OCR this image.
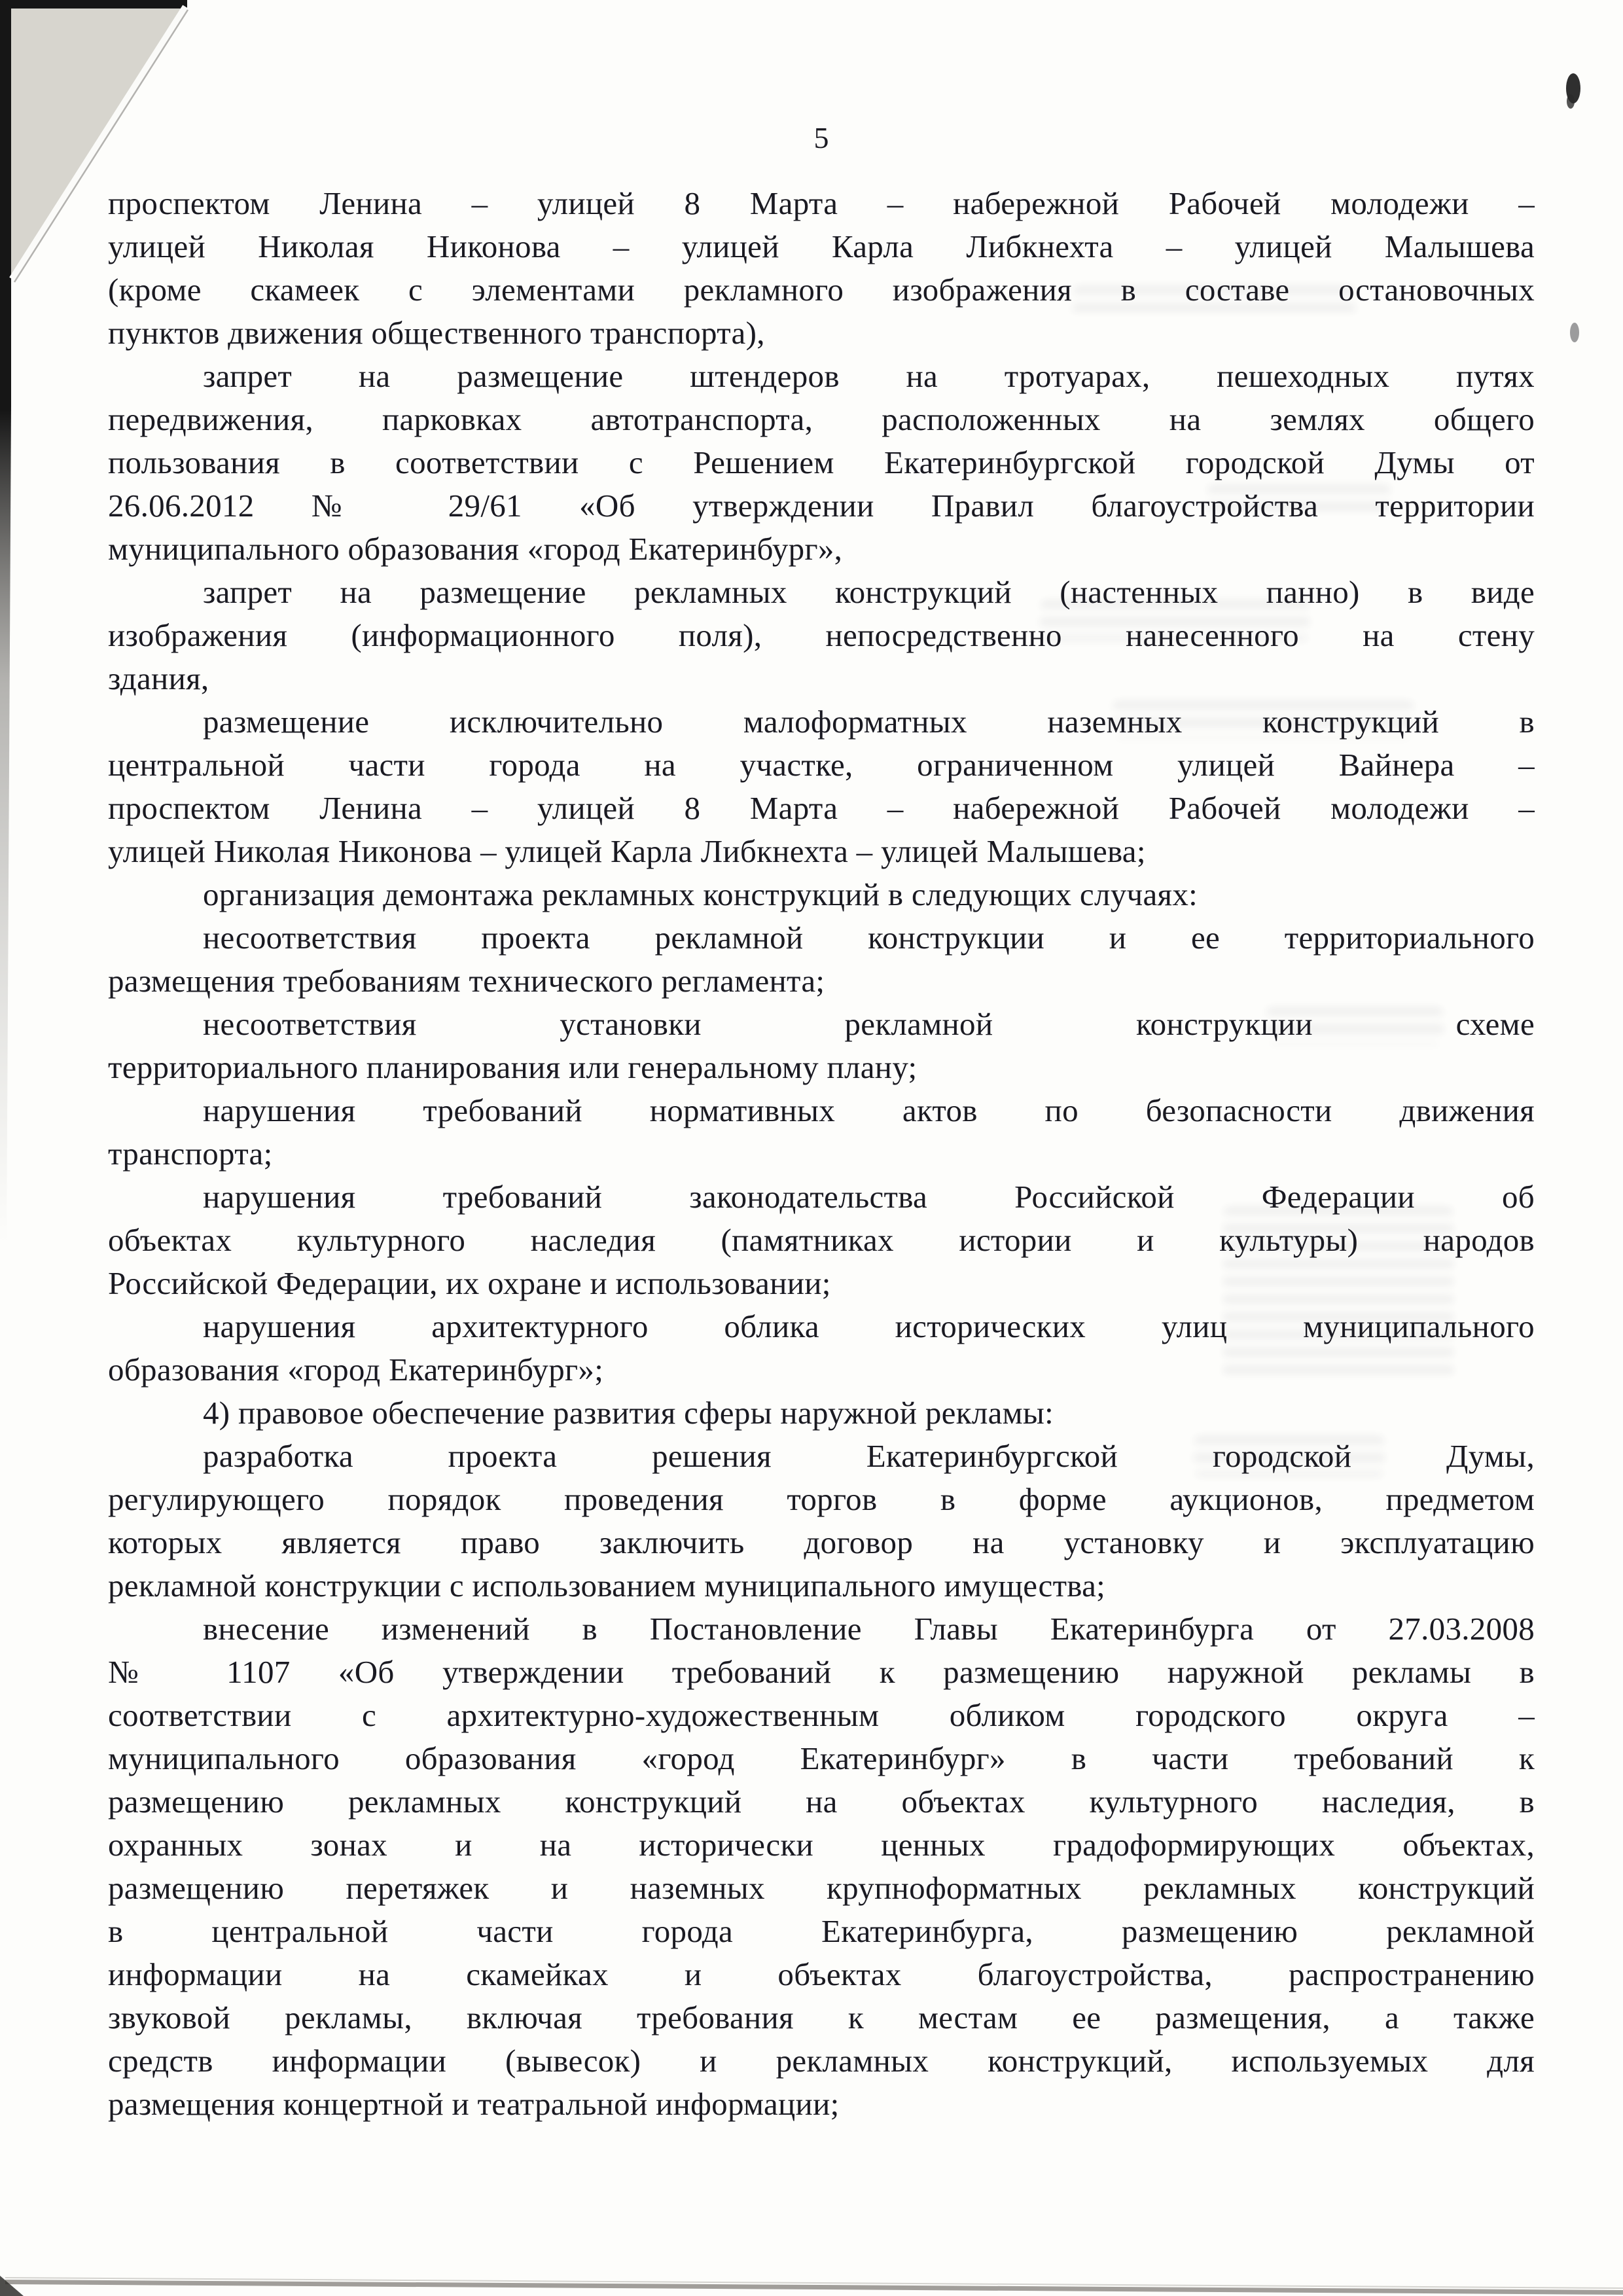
5
проспектом Ленина – улицей 8 Марта – набережной Рабочей молодежи –
улицей Николая Никонова – улицей Карла Либкнехта – улицей Малышева
(кроме скамеек с элементами рекламного изображения в составе остановочных
пунктов движения общественного транспорта),
запрет на размещение штендеров на тротуарах, пешеходных путях
передвижения, парковках автотранспорта, расположенных на землях общего
пользования в соответствии с Решением Екатеринбургской городской Думы от
26.06.2012 № 29/61 «Об утверждении Правил благоустройства территории
муниципального образования «город Екатеринбург»,
запрет на размещение рекламных конструкций (настенных панно) в виде
изображения (информационного поля), непосредственно нанесенного на стену
здания,
размещение исключительно малоформатных наземных конструкций в
центральной части города на участке, ограниченном улицей Вайнера –
проспектом Ленина – улицей 8 Марта – набережной Рабочей молодежи –
улицей Николая Никонова – улицей Карла Либкнехта – улицей Малышева;
организация демонтажа рекламных конструкций в следующих случаях:
несоответствия проекта рекламной конструкции и ее территориального
размещения требованиям технического регламента;
несоответствия установки рекламной конструкции схеме
территориального планирования или генеральному плану;
нарушения требований нормативных актов по безопасности движения
транспорта;
нарушения требований законодательства Российской Федерации об
объектах культурного наследия (памятниках истории и культуры) народов
Российской Федерации, их охране и использовании;
нарушения архитектурного облика исторических улиц муниципального
образования «город Екатеринбург»;
4) правовое обеспечение развития сферы наружной рекламы:
разработка проекта решения Екатеринбургской городской Думы,
регулирующего порядок проведения торгов в форме аукционов, предметом
которых является право заключить договор на установку и эксплуатацию
рекламной конструкции с использованием муниципального имущества;
внесение изменений в Постановление Главы Екатеринбурга от 27.03.2008
№ 1107 «Об утверждении требований к размещению наружной рекламы в
соответствии с архитектурно-художественным обликом городского округа –
муниципального образования «город Екатеринбург» в части требований к
размещению рекламных конструкций на объектах культурного наследия, в
охранных зонах и на исторически ценных градоформирующих объектах,
размещению перетяжек и наземных крупноформатных рекламных конструкций
в центральной части города Екатеринбурга, размещению рекламной
информации на скамейках и объектах благоустройства, распространению
звуковой рекламы, включая требования к местам ее размещения, а также
средств информации (вывесок) и рекламных конструкций, используемых для
размещения концертной и театральной информации;
